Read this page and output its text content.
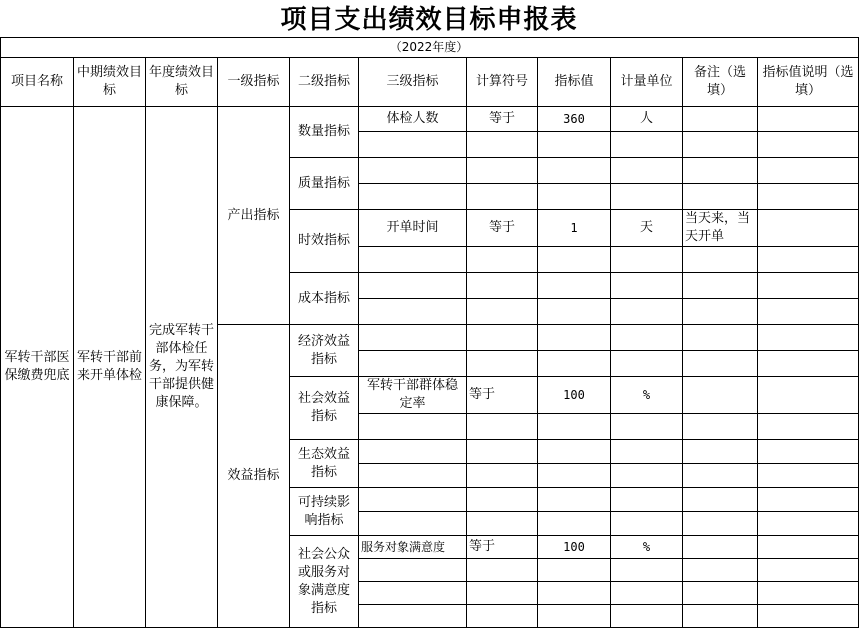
项目支出绩效目标申报表
（2022年度）
项目名称	中期绩效目标	年度绩效目标	一级指标	二级指标	三级指标	计算符号	指标值	计量单位	备注（选填）	指标值说明（选填）
军转干部医保缴费兜底	军转干部前来开单体检	完成军转干部体检任务，为军转干部提供健康保障。	产出指标	数量指标	体检人数	等于	360	人		

				质量指标						

				时效指标	开单时间	等于	1	天	当天来，当天开单	

				成本指标						

			效益指标	经济效益指标						

				社会效益指标	军转干部群体稳定率	等于	100	%		

				生态效益指标						

				可持续影响指标						

				社会公众或服务对象满意度指标	服务对象满意度	等于	100	%		
